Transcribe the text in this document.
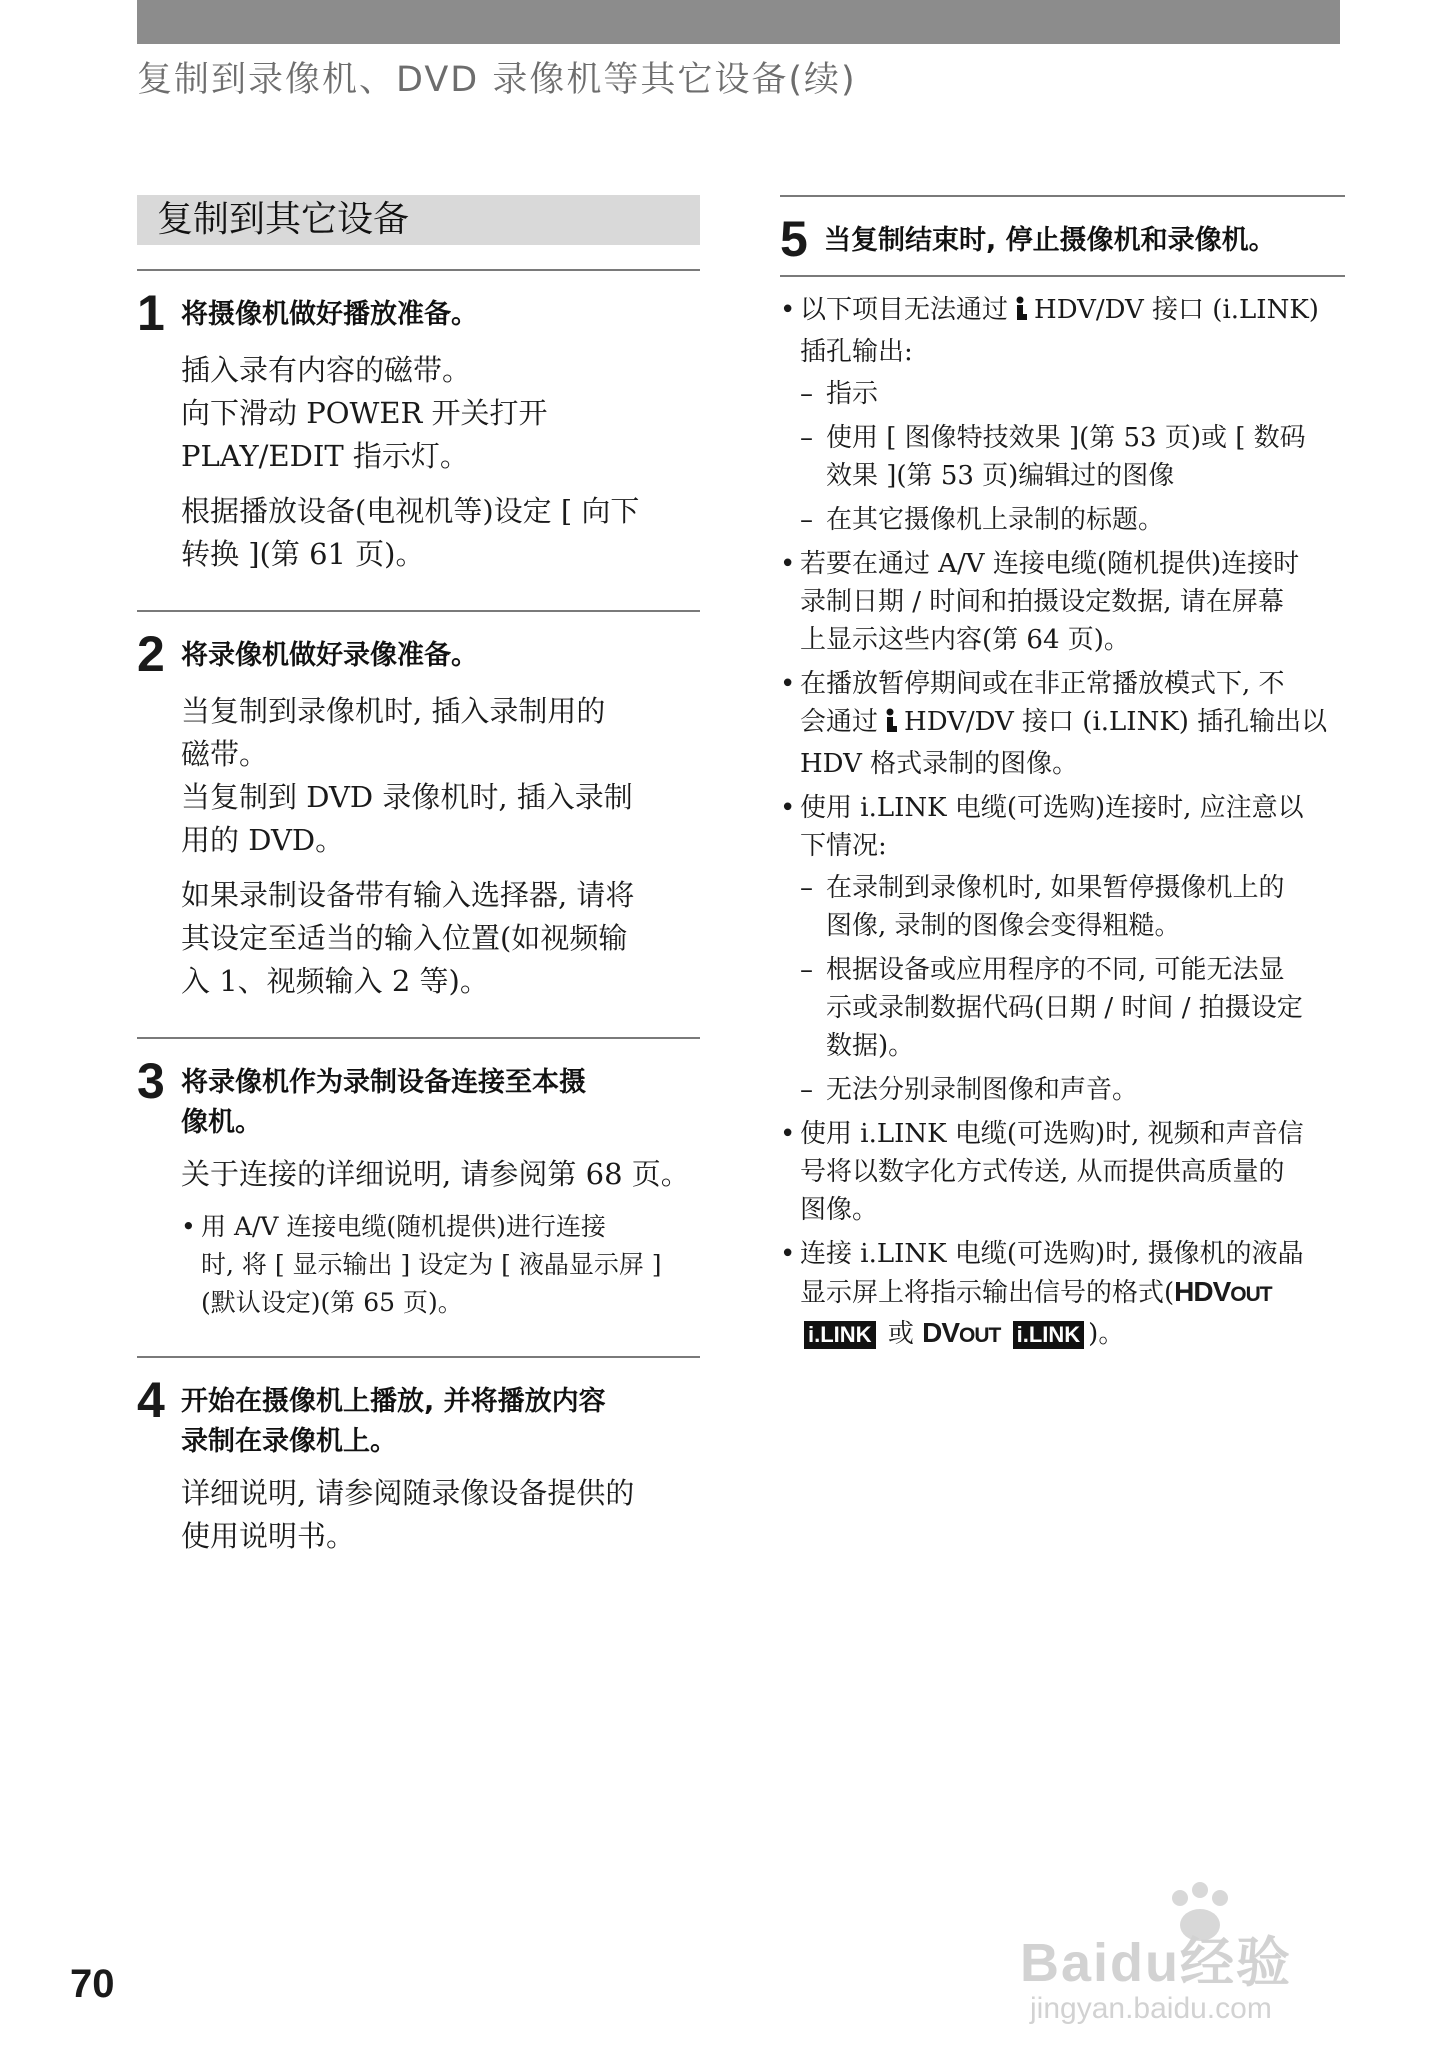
复制到录像机、DVD 录像机等其它设备(续)
复制到其它设备
1 将摄像机做好播放准备。

插入录有内容的磁带。
向下滑动 POWER 开关打开
PLAY/EDIT 指示灯。

根据播放设备(电视机等)设定 [ 向下
转换 ](第 61 页)。

2 将录像机做好录像准备。

当复制到录像机时, 插入录制用的
磁带。
当复制到 DVD 录像机时, 插入录制
用的 DVD。

如果录制设备带有输入选择器, 请将
其设定至适当的输入位置(如视频输
入 1、视频输入 2 等)。

3 将录像机作为录制设备连接至本摄
像机。

关于连接的详细说明, 请参阅第 68 页。

• 用 A/V 连接电缆(随机提供)进行连接
时, 将 [ 显示输出 ] 设定为 [ 液晶显示屏 ]
(默认设定)(第 65 页)。
4 开始在摄像机上播放, 并将播放内容
录制在录像机上。

详细说明, 请参阅随录像设备提供的
使用说明书。

5 当复制结束时, 停止摄像机和录像机。
• 以下项目无法通过 HDV/DV 接口 (i.LINK)
插孔输出:
– 指示
– 使用 [ 图像特技效果 ](第 53 页)或 [ 数码
效果 ](第 53 页)编辑过的图像
– 在其它摄像机上录制的标题。
• 若要在通过 A/V 连接电缆(随机提供)连接时
录制日期 / 时间和拍摄设定数据, 请在屏幕
上显示这些内容(第 64 页)。
• 在播放暂停期间或在非正常播放模式下, 不
会通过 HDV/DV 接口 (i.LINK) 插孔输出以
HDV 格式录制的图像。
• 使用 i.LINK 电缆(可选购)连接时, 应注意以
下情况:
– 在录制到录像机时, 如果暂停摄像机上的
图像, 录制的图像会变得粗糙。
– 根据设备或应用程序的不同, 可能无法显
示或录制数据代码(日期 / 时间 / 拍摄设定
数据)。
– 无法分别录制图像和声音。
• 使用 i.LINK 电缆(可选购)时, 视频和声音信
号将以数字化方式传送, 从而提供高质量的
图像。
• 连接 i.LINK 电缆(可选购)时, 摄像机的液晶
显示屏上将指示输出信号的格式(HDVOUT
i.LINK 或 DVOUT i.LINK )。
70	Baidu经验
jingyan.baidu.com
